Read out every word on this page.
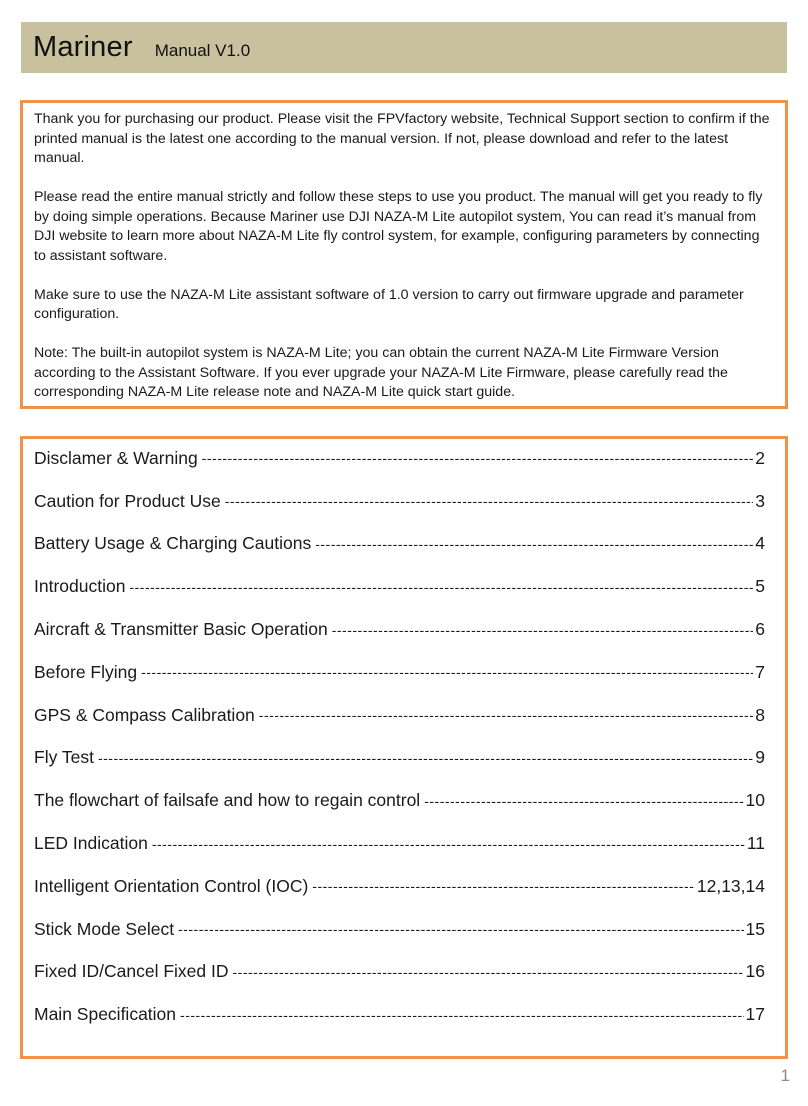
Mariner Manual V1.0

Thank you for purchasing our product. Please visit the FPVfactory website, Technical Support section to confirm if the printed manual is the latest one according to the manual version. If not, please download and refer to the latest manual.

Please read the entire manual strictly and follow these steps to use you product. The manual will get you ready to fly by doing simple operations. Because Mariner use DJI NAZA-M Lite autopilot system, You can read it’s manual from DJI website to learn more about NAZA-M Lite fly control system, for example, configuring parameters by connecting to assistant software.

Make sure to use the NAZA-M Lite assistant software of 1.0 version to carry out firmware upgrade and parameter configuration.

Note: The built-in autopilot system is NAZA-M Lite; you can obtain the current NAZA-M Lite Firmware Version according to the Assistant Software. If you ever upgrade your NAZA-M Lite Firmware, please carefully read the corresponding NAZA-M Lite release note and NAZA-M Lite quick start guide.

Disclamer & Warning -----	2
Caution for Product Use -----	3
Battery Usage & Charging Cautions -----	4
Introduction -----	5
Aircraft & Transmitter Basic Operation -----	6
Before Flying -----	7
GPS & Compass Calibration -----	8
Fly Test -----	9
The flowchart of failsafe and how to regain control -----	10
LED Indication -----	11
Intelligent Orientation Control (IOC) -----	12,13,14
Stick Mode Select -----	15
Fixed ID/Cancel Fixed ID -----	16
Main Specification -----	17
1
